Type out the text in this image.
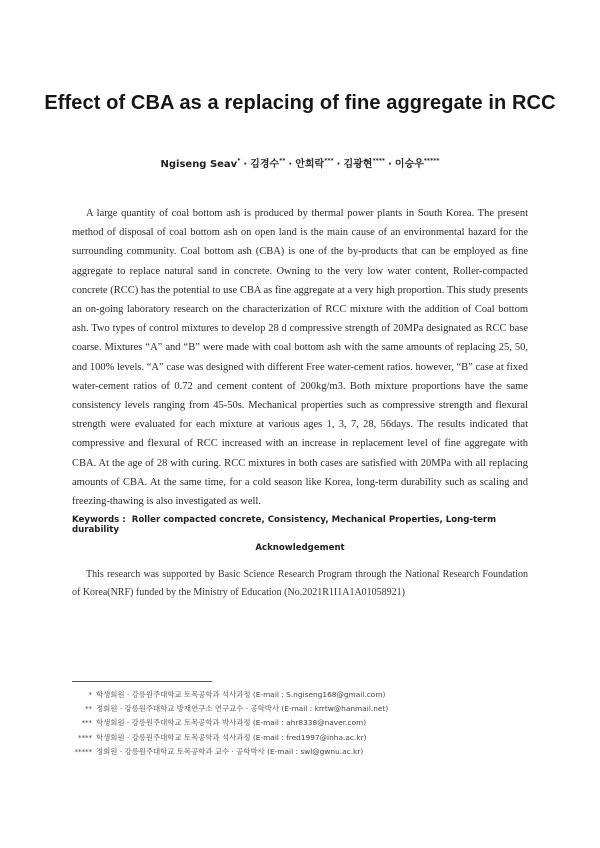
Effect of CBA as a replacing of fine aggregate in RCC
Ngiseng Seav* · 김경수** · 안희락*** · 김광현**** · 이승우*****

A large quantity of coal bottom ash is produced by thermal power plants in South Korea. The present method of disposal of coal bottom ash on open land is the main cause of an environmental hazard for the surrounding community. Coal bottom ash (CBA) is one of the by-products that can be employed as fine aggregate to replace natural sand in concrete. Owning to the very low water content, Roller-compacted concrete (RCC) has the potential to use CBA as fine aggregate at a very high proportion. This study presents an on-going laboratory research on the characterization of RCC mixture with the addition of Coal bottom ash. Two types of control mixtures to develop 28 d compressive strength of 20MPa designated as RCC base coarse. Mixtures “A” and “B” were made with coal bottom ash with the same amounts of replacing 25, 50, and 100% levels. “A” case was designed with different Free water-cement ratios. however, “B” case at fixed water-cement ratios of 0.72 and cement content of 200kg/m3. Both mixture proportions have the same consistency levels ranging from 45-50s. Mechanical properties such as compressive strength and flexural strength were evaluated for each mixture at various ages 1, 3, 7, 28, 56days. The results indicated that compressive and flexural of RCC increased with an increase in replacement level of fine aggregate with CBA. At the age of 28 with curing. RCC mixtures in both cases are satisfied with 20MPa with all replacing amounts of CBA. At the same time, for a cold season like Korea, long-term durability such as scaling and freezing-thawing is also investigated as well.

Keywords : Roller compacted concrete, Consistency, Mechanical Properties, Long-term durability
Acknowledgement

This research was supported by Basic Science Research Program through the National Research Foundation of Korea(NRF) funded by the Ministry of Education (No.2021R1I1A1A01058921)

* 학생회원 · 강릉원주대학교 토목공학과 석사과정 (E-mail : S.ngiseng168@gmail.com)
** 정회원 · 강릉원주대학교 방재연구소 연구교수 · 공학박사 (E-mail : krrtw@hanmail.net)
*** 학생회원 · 강릉원주대학교 토목공학과 박사과정 (E-mail : ahr8338@naver.com)
**** 학생회원 · 강릉원주대학교 토목공학과 석사과정 (E-mail : fred1997@inha.ac.kr)
***** 정회원 · 강릉원주대학교 토목공학과 교수 · 공학박사 (E-mail : swl@gwnu.ac.kr)
